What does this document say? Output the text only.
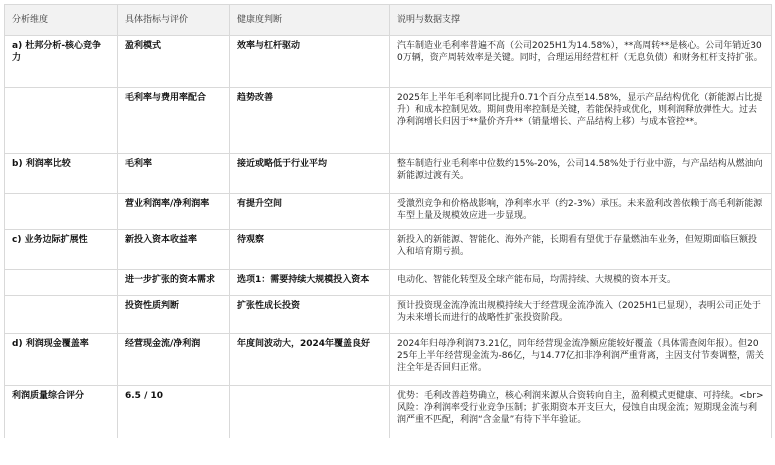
分析维度	具体指标与评价	健康度判断	说明与数据支撑
a) 杜邦分析-核心竞争力	盈利模式	效率与杠杆驱动	汽车制造业毛利率普遍不高（公司2025H1为14.58%），**高周转**是核心。公司年销近300万辆，资产周转效率是关键。同时，合理运用经营杠杆（无息负债）和财务杠杆支持扩张。
	毛利率与费用率配合	趋势改善	2025年上半年毛利率同比提升0.71个百分点至14.58%，显示产品结构优化（新能源占比提升）和成本控制见效。期间费用率控制是关键，若能保持或优化，则利润释放弹性大。过去净利润增长归因于**量价齐升**（销量增长、产品结构上移）与成本管控**。
b) 利润率比较	毛利率	接近或略低于行业平均	整车制造行业毛利率中位数约15%-20%，公司14.58%处于行业中游，与产品结构从燃油向新能源过渡有关。
	营业利润率/净利润率	有提升空间	受激烈竞争和价格战影响，净利率水平（约2-3%）承压。未来盈利改善依赖于高毛利新能源车型上量及规模效应进一步显现。
c) 业务边际扩展性	新投入资本收益率	待观察	新投入的新能源、智能化、海外产能，长期看有望优于存量燃油车业务，但短期面临巨额投入和培育期亏损。
	进一步扩张的资本需求	选项1：需要持续大规模投入资本	电动化、智能化转型及全球产能布局，均需持续、大规模的资本开支。
	投资性质判断	扩张性成长投资	预计投资现金流净流出规模持续大于经营现金流净流入（2025H1已显现），表明公司正处于为未来增长而进行的战略性扩张投资阶段。
d) 利润现金覆盖率	经营现金流/净利润	年度间波动大，2024年覆盖良好	2024年归母净利润73.21亿，同年经营现金流净额应能较好覆盖（具体需查阅年报）。但2025年上半年经营现金流为-86亿，与14.77亿扣非净利润严重背离，主因支付节奏调整，需关注全年是否回归正常。
利润质量综合评分	6.5 / 10		优势：毛利改善趋势确立，核心利润来源从合资转向自主，盈利模式更健康、可持续。<br>风险：净利润率受行业竞争压制；扩张期资本开支巨大，侵蚀自由现金流；短期现金流与利润严重不匹配，利润“含金量”有待下半年验证。
